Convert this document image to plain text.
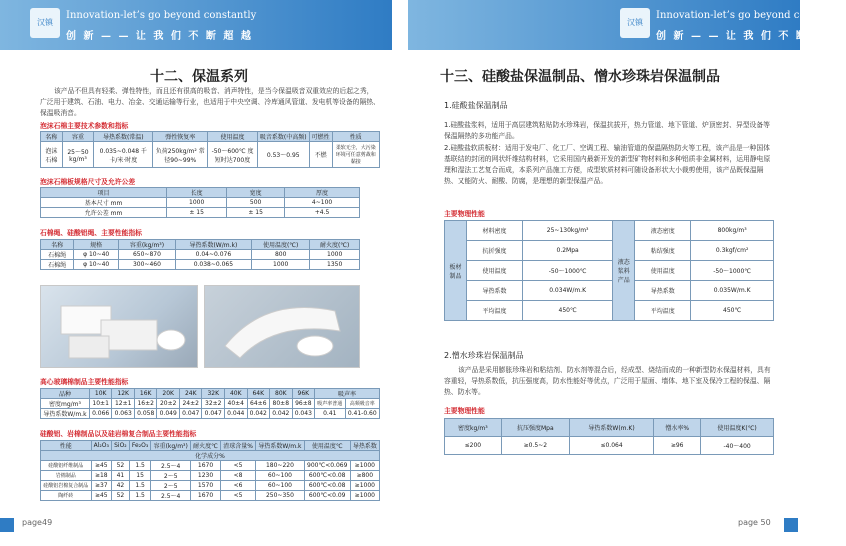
汉镇
Innovation-let’s go beyond constantly
创 新 — — 让 我 们 不 断 超 越
汉镇
Innovation-let’s go beyond constantly
创 新 — — 让 我 们 不 断 超 越
十二、保温系列
该产品不但具有轻柔、弹性特性，而且还有很高的吸音、消声特性，是当今保温吸音双重效应的后起之秀，广泛用于建筑、石油、电力、冶金、交通运输等行业，也适用于中央空调、冷库通风管道、发电机等设备的隔热、保温吸消音。
泡沫石棉主要技术参数和指标
名称	容重	导热系数(常温)	弹性恢复率	使用温度	吸音系数(中高频)	可燃性	性质
泡沫石棉	25～50 kg/m³	0.035~0.048 千卡/米·时度	负荷250kg/m² 常径90~99%	-50～600℃ 度短时达700度	0.53～0.95	不燃	柔软无尘，大污染环境可任意剪裁和黏接
泡沫石棉板规格尺寸及允许公差
项目	长度	宽度	厚度
基本尺寸 mm	1000	500	4~100
允许公差 mm	± 15	± 15	+4.5
石棉绳、硅酸铝绳、主要性能指标
名称	规格	容重(kg/m³)	导热系数(W/m.k)	使用温度(℃)	耐火度(℃)
石棉绳	φ 10~40	650~870	0.04~0.076	800	1000
石棉绳	φ 10~40	300~460	0.038~0.065	1000	1350
高心玻璃棉制品主要性能指标
品种	10K	12K	16K	20K	24K	32K	40K	64K	80K	96K	吸声率	
密度mg/m³	10±1	12±1	16±2	20±2	24±2	32±2	40±4	64±6	80±8	96±8	吸声率普通	高频吸音率
导热系数W/m.k	0.066	0.063	0.058	0.049	0.047	0.047	0.044	0.042	0.042	0.043	0.41	0.41-0.60
硅酸铝、岩棉制品以及硅岩棉复合制品主要性能指标
性能	Al₂O₃	SiO₂	Fe₂O₃	容重(kg/m³)	耐火度℃	渣球含量%	导热系数W/m.k	使用温度℃	导热系数
化学成分%									
硅酸铝纤维制品	≥45	52	1.5	2.5～4	1670	<5	180~220	900℃<0.069	≥1000
岩棉制品	≥18	41	15	2～5	1230	<8	60~100	600℃<0.08	≥800
硅酸铝岩棉复合制品	≥37	42	1.5	2～5	1570	<6	60~100	600℃<0.08	≥1000
陶纤砖	≥45	52	1.5	2.5～4	1670	<5	250~350	600℃<0.09	≥1000
page49
十三、硅酸盐保温制品、憎水珍珠岩保温制品
1.硅酸盐保温制品
1.硅酸盐浆料，适用于高层建筑粘贴防水珍珠岩，保温抗拔开，热力管道、地下管道、炉顶密封、异型设备等保温隔热的多功能产品。
2.硅酸盐软质板材：适用于发电厂、化工厂、空调工程、输油管道的保温隔热防火等工程，该产品是一种国体基联结的封闭的网状纤维结构材料，它采用国内最新开发的新型矿物材料和多种铝质非金属材料，运用静电原理和湿法工艺复合而成，本系列产品施工方便，成型软质材料可随设备形状大小裁剪使用，该产品既保温隔热、又能防火、耐酸、防腐，是理想的新型保温产品。
主要物理性能
板材制品	材料密度	25~130kg/m³	液态浆料产品	液态密度	800kg/m³
	抗折强度	0.2Mpa		粘结强度	0.3kgf/cm²
	使用温度	-50～1000℃		使用温度	-50～1000℃
	导热系数	0.034W/m.K		导热系数	0.035W/m.K
	平均温度	450℃		平均温度	450℃
2.憎水珍珠岩保温制品
该产品是采用膨胀珍珠岩和粘结剂、防水剂等混合后，经成型、烧结而成的一种新型防水保温材料，具有容重轻，导热系数低，抗压强度高，防水性能好等优点，广泛用于屋面、墙体、地下室及保冷工程的保温、隔热、防水等。
主要物理性能
密度kg/m³	抗压强度Mpa	导热系数W(m.K)	憎水率%	使用温度K(℃)
≤200	≥0.5~2	≤0.064	≥96	-40～400
page 50
